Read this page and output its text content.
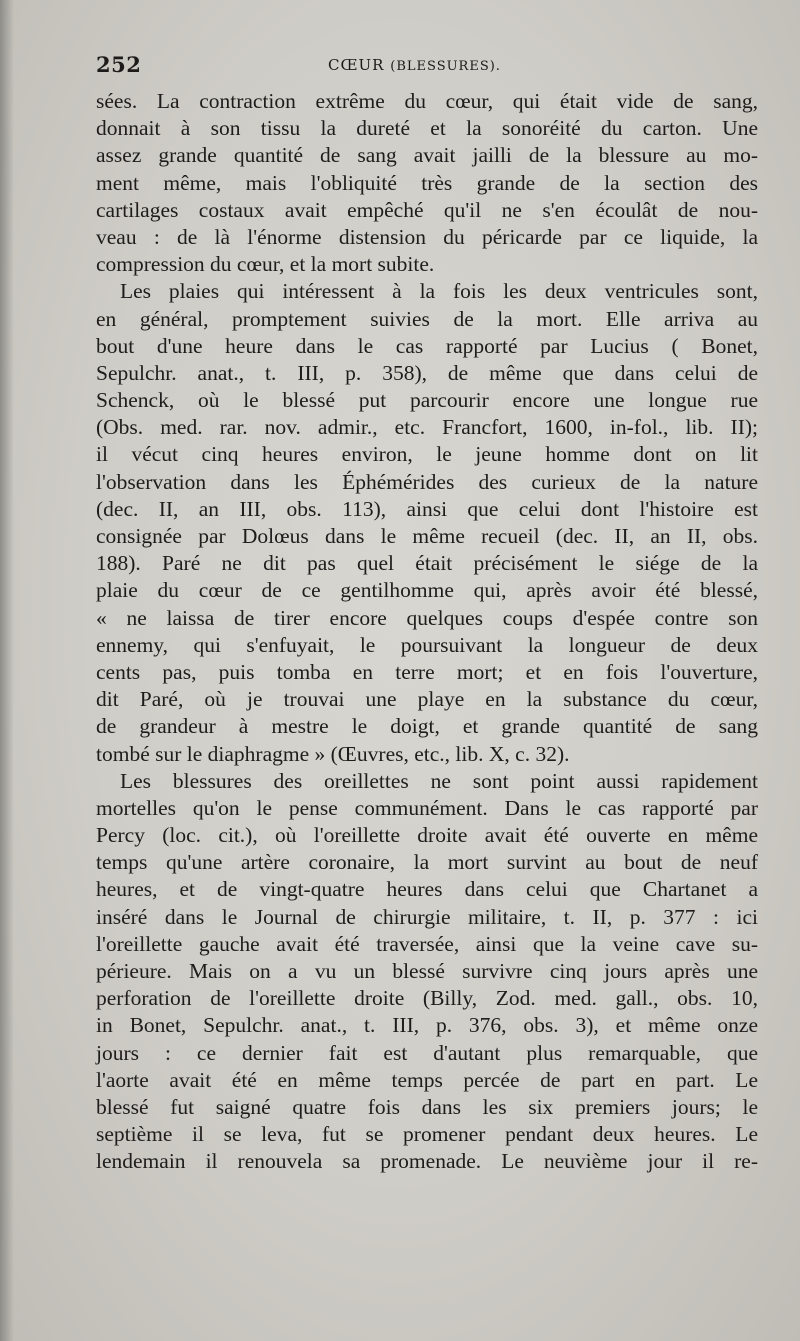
252	CŒUR (BLESSURES).
sées. La contraction extrême du cœur, qui était vide de sang,
donnait à son tissu la dureté et la sonoréité du carton. Une
assez grande quantité de sang avait jailli de la blessure au mo-
ment même, mais l'obliquité très grande de la section des
cartilages costaux avait empêché qu'il ne s'en écoulât de nou-
veau : de là l'énorme distension du péricarde par ce liquide, la
compression du cœur, et la mort subite.
Les plaies qui intéressent à la fois les deux ventricules sont,
en général, promptement suivies de la mort. Elle arriva au
bout d'une heure dans le cas rapporté par Lucius ( Bonet,
Sepulchr. anat., t. III, p. 358), de même que dans celui de
Schenck, où le blessé put parcourir encore une longue rue
(Obs. med. rar. nov. admir., etc. Francfort, 1600, in-fol., lib. II);
il vécut cinq heures environ, le jeune homme dont on lit
l'observation dans les Éphémérides des curieux de la nature
(dec. II, an III, obs. 113), ainsi que celui dont l'histoire est
consignée par Dolœus dans le même recueil (dec. II, an II, obs.
188). Paré ne dit pas quel était précisément le siége de la
plaie du cœur de ce gentilhomme qui, après avoir été blessé,
« ne laissa de tirer encore quelques coups d'espée contre son
ennemy, qui s'enfuyait, le poursuivant la longueur de deux
cents pas, puis tomba en terre mort; et en fois l'ouverture,
dit Paré, où je trouvai une playe en la substance du cœur,
de grandeur à mestre le doigt, et grande quantité de sang
tombé sur le diaphragme » (Œuvres, etc., lib. X, c. 32).
Les blessures des oreillettes ne sont point aussi rapidement
mortelles qu'on le pense communément. Dans le cas rapporté par
Percy (loc. cit.), où l'oreillette droite avait été ouverte en même
temps qu'une artère coronaire, la mort survint au bout de neuf
heures, et de vingt-quatre heures dans celui que Chartanet a
inséré dans le Journal de chirurgie militaire, t. II, p. 377 : ici
l'oreillette gauche avait été traversée, ainsi que la veine cave su-
périeure. Mais on a vu un blessé survivre cinq jours après une
perforation de l'oreillette droite (Billy, Zod. med. gall., obs. 10,
in Bonet, Sepulchr. anat., t. III, p. 376, obs. 3), et même onze
jours : ce dernier fait est d'autant plus remarquable, que
l'aorte avait été en même temps percée de part en part. Le
blessé fut saigné quatre fois dans les six premiers jours; le
septième il se leva, fut se promener pendant deux heures. Le
lendemain il renouvela sa promenade. Le neuvième jour il re-
